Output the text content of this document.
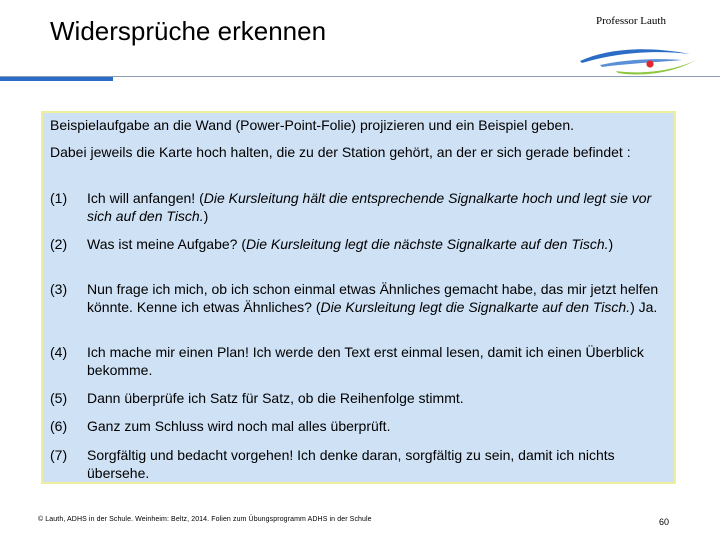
Widersprüche erkennen	Professor Lauth
Beispielaufgabe an die Wand (Power-Point-Folie) projizieren und ein Beispiel geben.
Dabei jeweils die Karte hoch halten, die zu der Station gehört, an der er sich gerade befindet :
(1) Ich will anfangen! (Die Kursleitung hält die entsprechende Signalkarte hoch und legt sie vor sich auf den Tisch.)
(2) Was ist meine Aufgabe? (Die Kursleitung legt die nächste Signalkarte auf den Tisch.)
(3) Nun frage ich mich, ob ich schon einmal etwas Ähnliches gemacht habe, das mir jetzt helfen könnte. Kenne ich etwas Ähnliches? (Die Kursleitung legt die Signalkarte auf den Tisch.) Ja.
(4) Ich mache mir einen Plan! Ich werde den Text erst einmal lesen, damit ich einen Überblick bekomme.
(5) Dann überprüfe ich Satz für Satz, ob die Reihenfolge stimmt.
(6) Ganz zum Schluss wird noch mal alles überprüft.
(7) Sorgfältig und bedacht vorgehen! Ich denke daran, sorgfältig zu sein, damit ich nichts übersehe.
© Lauth, ADHS in der Schule. Weinheim: Beltz, 2014. Folien zum Übungsprogramm ADHS in der Schule	60
